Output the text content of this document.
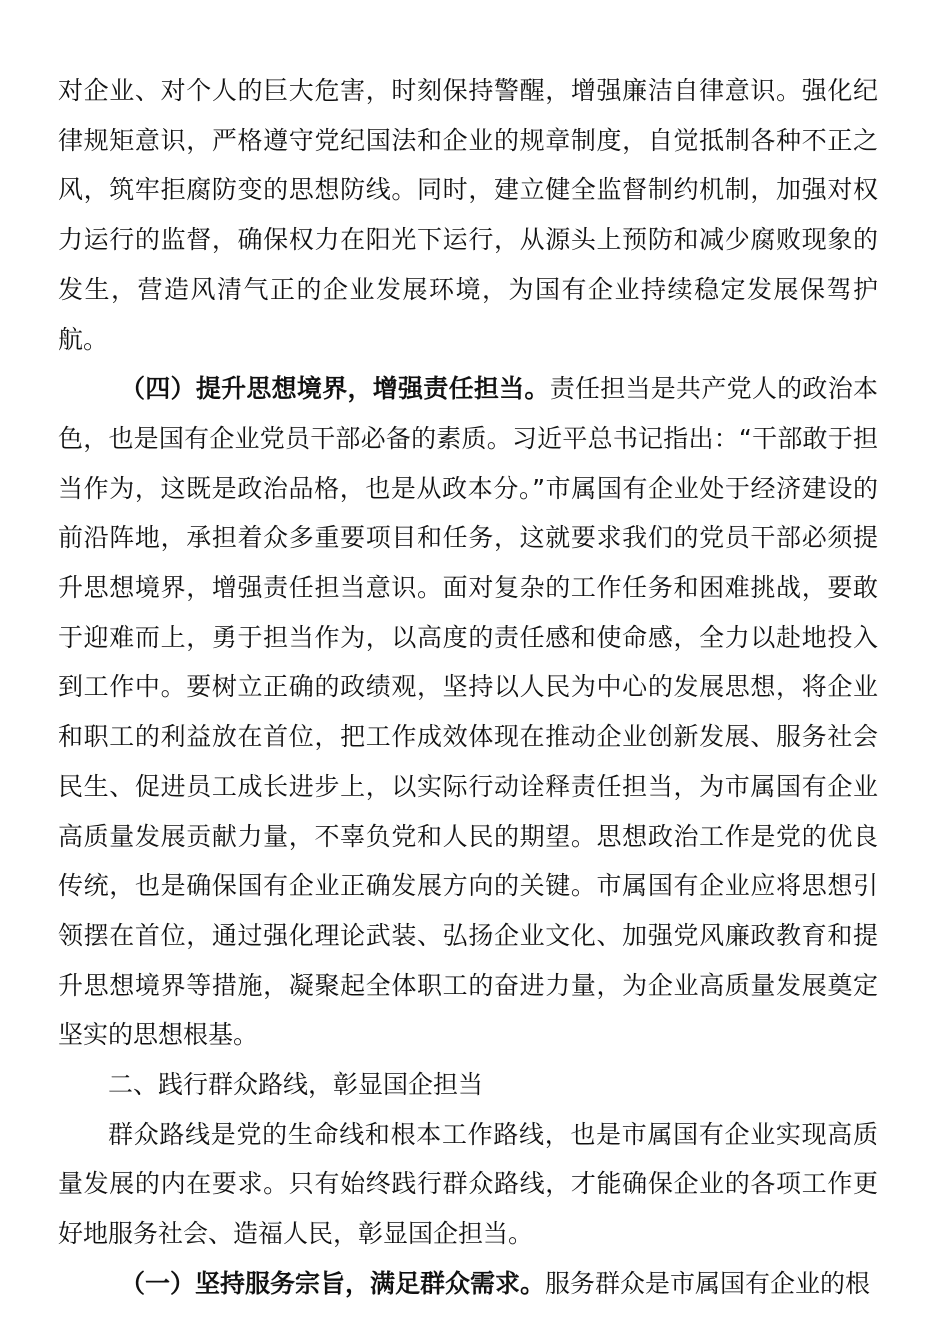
对企业、对个人的巨大危害，时刻保持警醒，增强廉洁自律意识。强化纪律规矩意识，严格遵守党纪国法和企业的规章制度，自觉抵制各种不正之风，筑牢拒腐防变的思想防线。同时，建立健全监督制约机制，加强对权力运行的监督，确保权力在阳光下运行，从源头上预防和减少腐败现象的发生，营造风清气正的企业发展环境，为国有企业持续稳定发展保驾护航。

（四）提升思想境界，增强责任担当。责任担当是共产党人的政治本色，也是国有企业党员干部必备的素质。习近平总书记指出：“干部敢于担当作为，这既是政治品格，也是从政本分。”市属国有企业处于经济建设的前沿阵地，承担着众多重要项目和任务，这就要求我们的党员干部必须提升思想境界，增强责任担当意识。面对复杂的工作任务和困难挑战，要敢于迎难而上，勇于担当作为，以高度的责任感和使命感，全力以赴地投入到工作中。要树立正确的政绩观，坚持以人民为中心的发展思想，将企业和职工的利益放在首位，把工作成效体现在推动企业创新发展、服务社会民生、促进员工成长进步上，以实际行动诠释责任担当，为市属国有企业高质量发展贡献力量，不辜负党和人民的期望。思想政治工作是党的优良传统，也是确保国有企业正确发展方向的关键。市属国有企业应将思想引领摆在首位，通过强化理论武装、弘扬企业文化、加强党风廉政教育和提升思想境界等措施，凝聚起全体职工的奋进力量，为企业高质量发展奠定坚实的思想根基。

二、践行群众路线，彰显国企担当

群众路线是党的生命线和根本工作路线，也是市属国有企业实现高质量发展的内在要求。只有始终践行群众路线，才能确保企业的各项工作更好地服务社会、造福人民，彰显国企担当。

（一）坚持服务宗旨，满足群众需求。服务群众是市属国有企业的根
